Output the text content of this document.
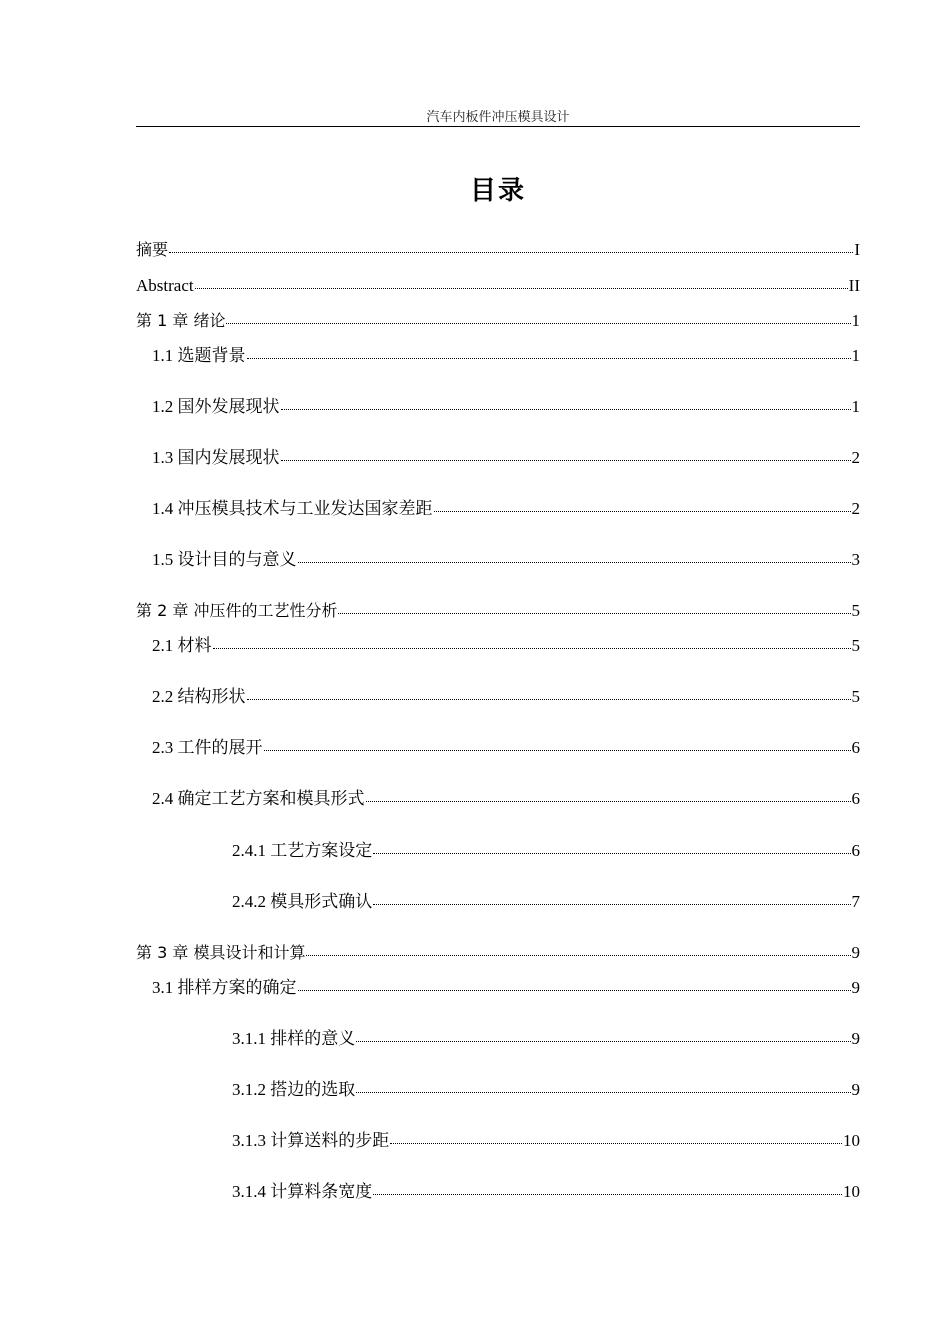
汽车内板件冲压模具设计
目录
摘要	I
Abstract	II
第 1 章 绪论	1
1.1 选题背景	1
1.2 国外发展现状	1
1.3 国内发展现状	2
1.4 冲压模具技术与工业发达国家差距	2
1.5 设计目的与意义	3
第 2 章 冲压件的工艺性分析	5
2.1 材料	5
2.2 结构形状	5
2.3 工件的展开	6
2.4 确定工艺方案和模具形式	6
2.4.1 工艺方案设定	6
2.4.2 模具形式确认	7
第 3 章 模具设计和计算	9
3.1 排样方案的确定	9
3.1.1 排样的意义	9
3.1.2 搭边的选取	9
3.1.3 计算送料的步距	10
3.1.4 计算料条宽度	10
